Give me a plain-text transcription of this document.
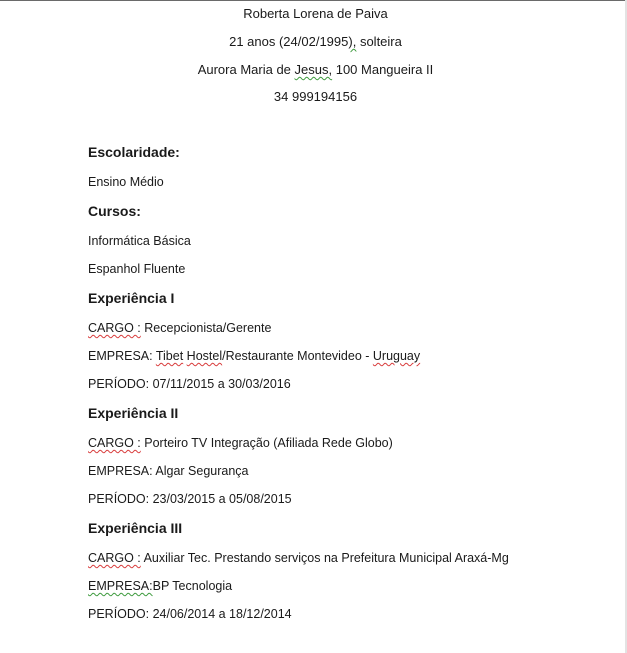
Roberta Lorena de Paiva
21 anos (24/02/1995), solteira
Aurora Maria de Jesus, 100 Mangueira II
34 999194156
Escolaridade:
Ensino Médio
Cursos:
Informática Básica
Espanhol Fluente
Experiência I
CARGO : Recepcionista/Gerente
EMPRESA: Tibet Hostel/Restaurante Montevideo - Uruguay
PERÍODO: 07/11/2015 a 30/03/2016
Experiência II
CARGO : Porteiro TV Integração (Afiliada Rede Globo)
EMPRESA: Algar Segurança
PERÍODO: 23/03/2015 a 05/08/2015
Experiência III
CARGO : Auxiliar Tec. Prestando serviços na Prefeitura Municipal Araxá-Mg
EMPRESA:BP Tecnologia
PERÍODO: 24/06/2014 a 18/12/2014
